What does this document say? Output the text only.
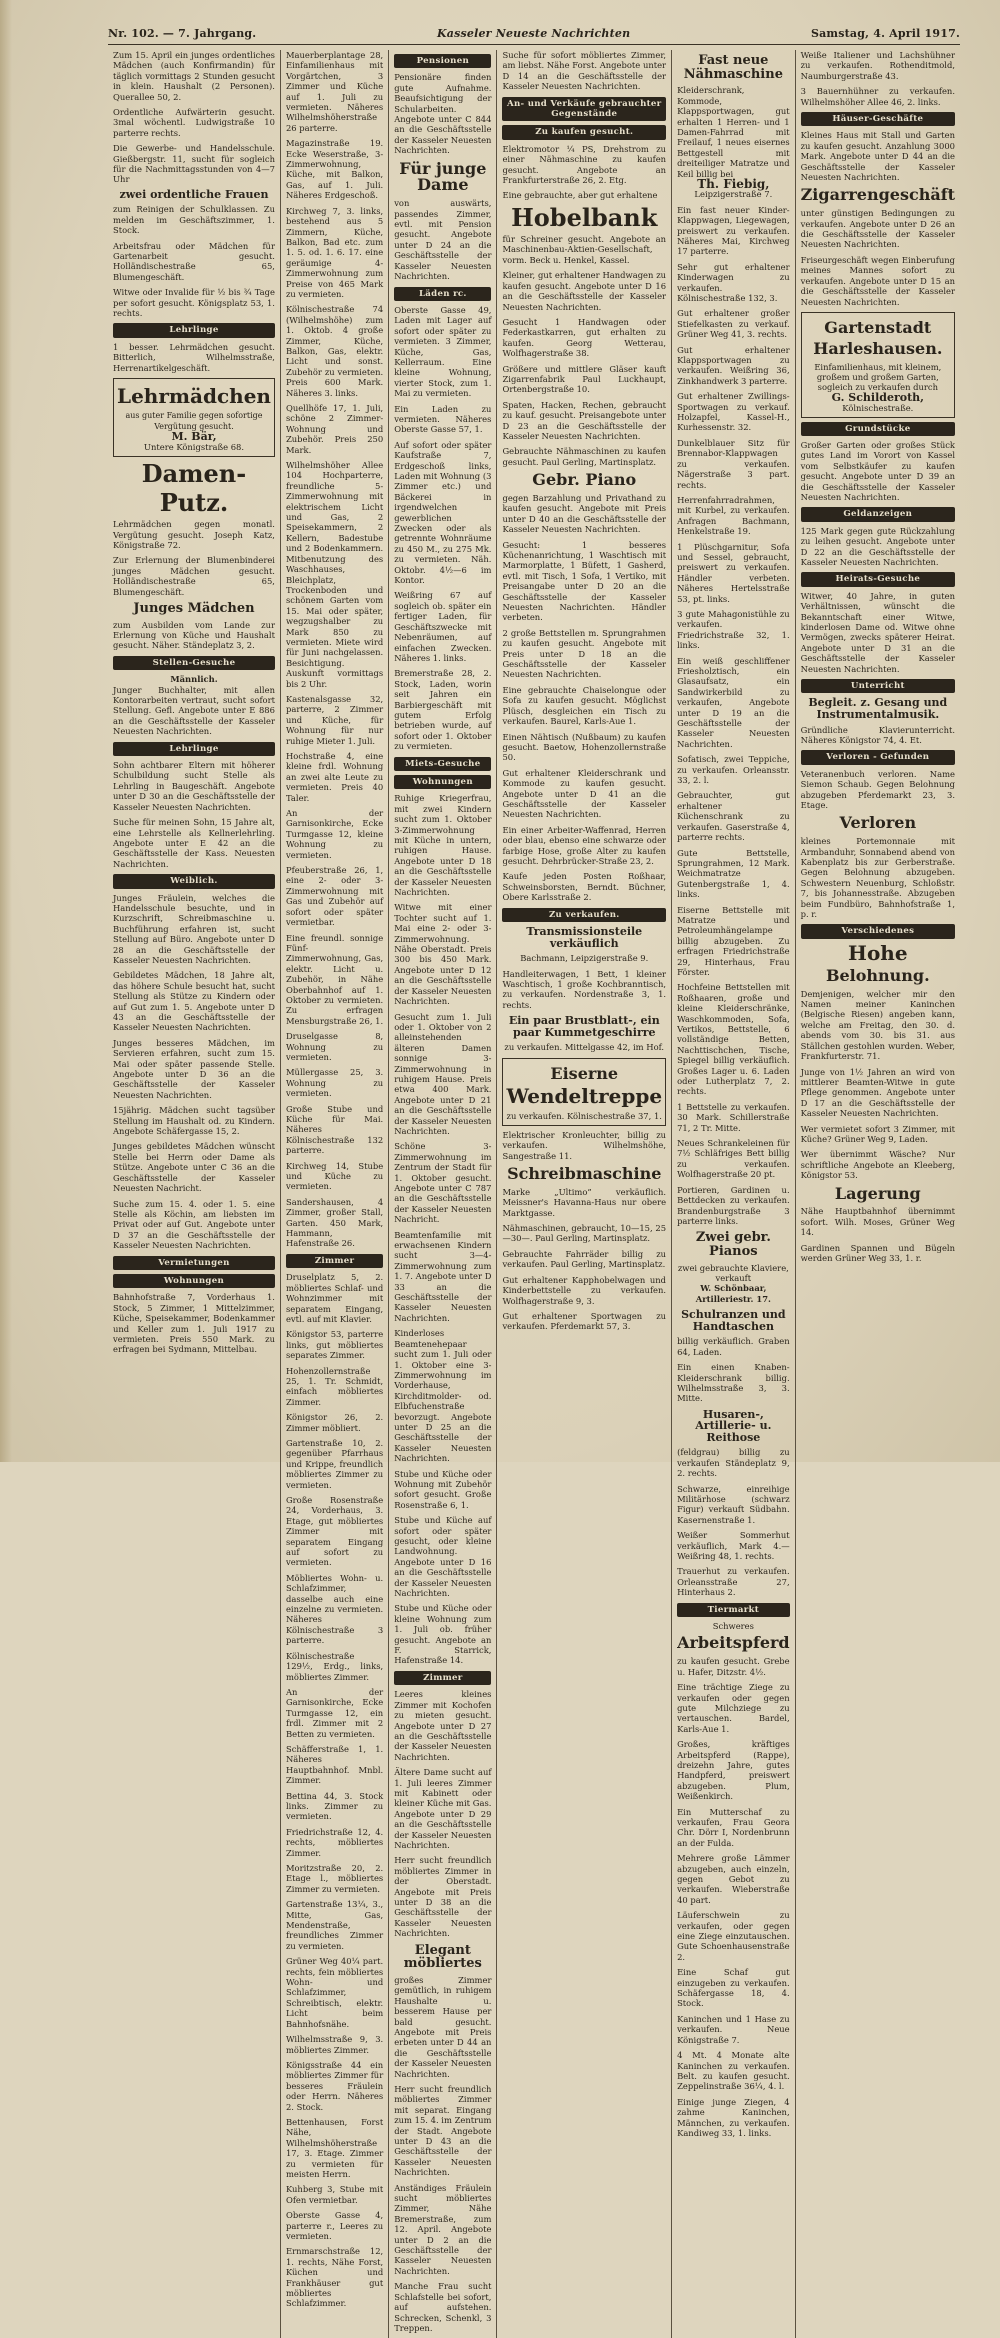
Nr. 102. — 7. Jahrgang.	Kasseler Neueste Nachrichten	Samstag, 4. April 1917.

Zum 15. April ein junges ordentliches Mädchen (auch Konfirmandin) für täglich vormittags 2 Stunden gesucht in klein. Haushalt (2 Personen). Querallee 50, 2.

Ordentliche Aufwärterin gesucht. 3mal wöchentl. Ludwigstraße 10 parterre rechts.

Die Gewerbe- und Handelsschule. Gießbergstr. 11, sucht für sogleich für die Nachmittagsstunden von 4—7 Uhr

zwei ordentliche Frauen

zum Reinigen der Schulklassen. Zu melden im Geschäftszimmer, 1. Stock.

Arbeitsfrau oder Mädchen für Gartenarbeit gesucht. Holländischestraße 65, Blumengeschäft.

Witwe oder Invalide für ½ bis ¾ Tage per sofort gesucht. Königsplatz 53, 1. rechts.

Lehrlinge

1 besser. Lehrmädchen gesucht. Bitterlich, Wilhelmsstraße, Herrenartikelgeschäft.

Lehrmädchen

aus guter Familie gegen sofortige Vergütung gesucht.

M. Bär,

Untere Königstraße 68.

Damen-
Putz.

Lehrmädchen gegen monatl. Vergütung gesucht. Joseph Katz, Königstraße 72.

Zur Erlernung der Blumenbinderei junges Mädchen gesucht. Holländischestraße 65, Blumengeschäft.

Junges Mädchen

zum Ausbilden vom Lande zur Erlernung von Küche und Haushalt gesucht. Näher. Ständeplatz 3, 2.

Stellen-Gesuche
Männlich.

Junger Buchhalter, mit allen Kontorarbeiten vertraut, sucht sofort Stellung. Gefl. Angebote unter E 886 an die Geschäftsstelle der Kasseler Neuesten Nachrichten.

Lehrlinge

Sohn achtbarer Eltern mit höherer Schulbildung sucht Stelle als Lehrling in Baugeschäft. Angebote unter D 30 an die Geschäftsstelle der Kasseler Neuesten Nachrichten.

Suche für meinen Sohn, 15 Jahre alt, eine Lehrstelle als Kellnerlehrling. Angebote unter E 42 an die Geschäftsstelle der Kass. Neuesten Nachrichten.

Weiblich.

Junges Fräulein, welches die Handelsschule besuchte, und in Kurzschrift, Schreibmaschine u. Buchführung erfahren ist, sucht Stellung auf Büro. Angebote unter D 28 an die Geschäftsstelle der Kasseler Neuesten Nachrichten.

Gebildetes Mädchen, 18 Jahre alt, das höhere Schule besucht hat, sucht Stellung als Stütze zu Kindern oder auf Gut zum 1. 5. Angebote unter D 43 an die Geschäftsstelle der Kasseler Neuesten Nachrichten.

Junges besseres Mädchen, im Servieren erfahren, sucht zum 15. Mai oder später passende Stelle. Angebote unter D 36 an die Geschäftsstelle der Kasseler Neuesten Nachrichten.

15jährig. Mädchen sucht tagsüber Stellung im Haushalt od. zu Kindern. Angebote Schäfergasse 15, 2.

Junges gebildetes Mädchen wünscht Stelle bei Herrn oder Dame als Stütze. Angebote unter C 36 an die Geschäftsstelle der Kasseler Neuesten Nachricht.

Suche zum 15. 4. oder 1. 5. eine Stelle als Köchin, am liebsten im Privat oder auf Gut. Angebote unter D 37 an die Geschäftsstelle der Kasseler Neuesten Nachrichten.

Vermietungen
Wohnungen

Bahnhofstraße 7, Vorderhaus 1. Stock, 5 Zimmer, 1 Mittelzimmer, Küche, Speisekammer, Bodenkammer und Keller zum 1. Juli 1917 zu vermieten. Preis 550 Mark. zu erfragen bei Sydmann, Mittelbau.

Mauerberplantage 28, Einfamilienhaus mit Vorgärtchen, 3 Zimmer und Küche auf 1. Juli zu vermieten. Näheres Wilhelmshöherstraße 26 parterre.

Magazinstraße 19. Ecke Weserstraße, 3-Zimmerwohnung, Küche, mit Balkon, Gas, auf 1. Juli. Näheres Erdgeschoß.

Kirchweg 7, 3. links, bestehend aus 5 Zimmern, Küche, Balkon, Bad etc. zum 1. 5. od. 1. 6. 17. eine geräumige 4-Zimmerwohnung zum Preise von 465 Mark zu vermieten.

Kölnischestraße 74 (Wilhelmshöhe) zum 1. Oktob. 4 große Zimmer, Küche, Balkon, Gas, elektr. Licht und sonst. Zubehör zu vermieten. Preis 600 Mark. Näheres 3. links.

Quellhöfe 17, 1. Juli, schöne 2 Zimmer-Wohnung und Zubehör. Preis 250 Mark.

Wilhelmshöher Allee 104 Hochparterre, freundliche 5-Zimmerwohnung mit elektrischem Licht und Gas, 2 Speisekammern, 2 Kellern, Badestube und 2 Bodenkammern. Mitbenutzung des Waschhauses, Bleichplatz, Trockenboden und schönem Garten vom 15. Mai oder später, wegzugshalber zu Mark 850 zu vermieten. Miete wird für Juni nachgelassen. Besichtigung. Auskunft vormittags bis 2 Uhr.

Kastenalsgasse 32, parterre, 2 Zimmer und Küche, für Wohnung für nur ruhige Mieter 1. Juli.

Hochstraße 4, eine kleine frdl. Wohnung an zwei alte Leute zu vermieten. Preis 40 Taler.

An der Garnisonkirche, Ecke Turmgasse 12, kleine Wohnung zu vermieten.

Pfeuberstraße 26, 1, eine 2- oder 3-Zimmerwohnung mit Gas und Zubehör auf sofort oder später vermietbar.

Eine freundl. sonnige Fünf-Zimmerwohnung, Gas, elektr. Licht u. Zubehör, in Nähe Oberbahnhof auf 1. Oktober zu vermieten. Zu erfragen Mensburgstraße 26, 1.

Druselgasse 8, Wohnung zu vermieten.

Müllergasse 25, 3. Wohnung zu vermieten.

Große Stube und Küche für Mai. Näheres Kölnischestraße 132 parterre.

Kirchweg 14, Stube und Küche zu vermieten.

Sandershausen, 4 Zimmer, großer Stall, Garten. 450 Mark, Hammann, Hafenstraße 26.

Zimmer

Druselplatz 5, 2. möbliertes Schlaf- und Wohnzimmer mit separatem Eingang, evtl. auf mit Klavier.

Königstor 53, parterre links, gut möbliertes separates Zimmer.

Hohenzollernstraße 25, 1. Tr. Schmidt, einfach möbliertes Zimmer.

Königstor 26, 2. Zimmer möbliert.

Gartenstraße 10, 2. gegenüber Pfarrhaus und Krippe, freundlich möbliertes Zimmer zu vermieten.

Große Rosenstraße 24, Vorderhaus, 3. Etage, gut möbliertes Zimmer mit separatem Eingang auf sofort zu vermieten.

Möbliertes Wohn- u. Schlafzimmer, dasselbe auch eine einzelne zu vermieten. Näheres Kölnischestraße 3 parterre.

Kölnischestraße 129½, Erdg., links, möbliertes Zimmer.

An der Garnisonkirche, Ecke Turmgasse 12, ein frdl. Zimmer mit 2 Betten zu vermieten.

Schäfferstraße 1, 1. Näheres Hauptbahnhof. Mnbl. Zimmer.

Bettina 44, 3. Stock links. Zimmer zu vermieten.

Friedrichstraße 12, 4. rechts, möbliertes Zimmer.

Moritzstraße 20, 2. Etage l., möbliertes Zimmer zu vermieten.

Gartenstraße 13¼, 3., Mitte, Gas, Mendenstraße, freundliches Zimmer zu vermieten.

Grüner Weg 40¼ part. rechts, fein möbliertes Wohn- und Schlafzimmer, Schreibtisch, elektr. Licht beim Bahnhofsnähe.

Wilhelmsstraße 9, 3. möbliertes Zimmer.

Königsstraße 44 ein möbliertes Zimmer für besseres Fräulein oder Herrn. Näheres 2. Stock.

Bettenhausen, Forst Nähe, Wilhelmshöherstraße 17, 3. Etage. Zimmer zu vermieten für meisten Herrn.

Kuhberg 3, Stube mit Ofen vermietbar.

Oberste Gasse 4, parterre r., Leeres zu vermieten.

Ernmarschstraße 12, 1. rechts, Nähe Forst, Küchen und Frankhäuser gut möbliertes Schlafzimmer.

Pensionen

Pensionäre finden gute Aufnahme. Beaufsichtigung der Schularbeiten. Angebote unter C 844 an die Geschäftsstelle der Kasseler Neuesten Nachrichten.

Für junge Dame

von auswärts, passendes Zimmer, evtl. mit Pension gesucht. Angebote unter D 24 an die Geschäftsstelle der Kasseler Neuesten Nachrichten.

Läden rc.

Oberste Gasse 49, Laden mit Lager auf sofort oder später zu vermieten. 3 Zimmer, Küche, Gas, Kellerraum. Eine kleine Wohnung, vierter Stock, zum 1. Mai zu vermieten.

Ein Laden zu vermieten. Näheres Oberste Gasse 57, 1.

Auf sofort oder später Kaufstraße 7, Erdgeschoß links, Laden mit Wohnung (3 Zimmer etc.) und Bäckerei in irgendwelchen gewerblichen Zwecken oder als getrennte Wohnräume zu 450 M., zu 275 Mk. zu vermieten. Näh. Oktobr. 4½—6 im Kontor.

Weißring 67 auf sogleich ob. später ein fertiger Laden, für Geschäftszwecke mit Nebenräumen, auf einfachen Zwecken. Näheres 1. links.

Bremerstraße 28, 2. Stock, Laden, worin seit Jahren ein Barbiergeschäft mit gutem Erfolg betrieben wurde, auf sofort oder 1. Oktober zu vermieten.

Miets-Gesuche
Wohnungen

Ruhige Kriegerfrau, mit zwei Kindern sucht zum 1. Oktober 3-Zimmerwohnung mit Küche in untern, ruhigen Hause. Angebote unter D 18 an die Geschäftsstelle der Kasseler Neuesten Nachrichten.

Witwe mit einer Tochter sucht auf 1. Mai eine 2- oder 3-Zimmerwohnung. Nähe Oberstadt. Preis 300 bis 450 Mark. Angebote unter D 12 an die Geschäftsstelle der Kasseler Neuesten Nachrichten.

Gesucht zum 1. Juli oder 1. Oktober von 2 alleinstehenden älteren Damen sonnige 3-Zimmerwohnung in ruhigem Hause. Preis etwa 400 Mark. Angebote unter D 21 an die Geschäftsstelle der Kasseler Neuesten Nachrichten.

Schöne 3-Zimmerwohnung im Zentrum der Stadt für 1. Oktober gesucht. Angebote unter C 787 an die Geschäftsstelle der Kasseler Neuesten Nachricht.

Beamtenfamilie mit erwachsenen Kindern sucht 3—4-Zimmerwohnung zum 1. 7. Angebote unter D 33 an die Geschäftsstelle der Kasseler Neuesten Nachrichten.

Kinderloses Beamtenehepaar sucht zum 1. Juli oder 1. Oktober eine 3-Zimmerwohnung im Vorderhause, Kirchditmolder- od. Elbfuchenstraße bevorzugt. Angebote unter D 25 an die Geschäftsstelle der Kasseler Neuesten Nachrichten.

Stube und Küche oder Wohnung mit Zubehör sofort gesucht. Große Rosenstraße 6, 1.

Stube und Küche auf sofort oder später gesucht, oder kleine Landwohnung. Angebote unter D 16 an die Geschäftsstelle der Kasseler Neuesten Nachrichten.

Stube und Küche oder kleine Wohnung zum 1. Juli ob. früher gesucht. Angebote an F. Starrick, Hafenstraße 14.

Zimmer

Leeres kleines Zimmer mit Kochofen zu mieten gesucht. Angebote unter D 27 an die Geschäftsstelle der Kasseler Neuesten Nachrichten.

Ältere Dame sucht auf 1. Juli leeres Zimmer mit Kabinett oder kleiner Küche mit Gas. Angebote unter D 29 an die Geschäftsstelle der Kasseler Neuesten Nachrichten.

Herr sucht freundlich möbliertes Zimmer in der Oberstadt. Angebote mit Preis unter D 38 an die Geschäftsstelle der Kasseler Neuesten Nachrichten.

Elegant möbliertes

großes Zimmer gemütlich, in ruhigem Haushalte u. besserem Hause per bald gesucht. Angebote mit Preis erbeten unter D 44 an die Geschäftsstelle der Kasseler Neuesten Nachrichten.

Herr sucht freundlich möbliertes Zimmer mit separat. Eingang zum 15. 4. im Zentrum der Stadt. Angebote unter D 43 an die Geschäftsstelle der Kasseler Neuesten Nachrichten.

Anständiges Fräulein sucht möbliertes Zimmer, Nähe Bremerstraße, zum 12. April. Angebote unter D 2 an die Geschäftsstelle der Kasseler Neuesten Nachrichten.

Manche Frau sucht Schlafstelle bei sofort, auf aufstehen. Schrecken, Schenkl, 3 Treppen.

Suche für sofort möbliertes Zimmer, am liebst. Nähe Forst. Angebote unter D 14 an die Geschäftsstelle der Kasseler Neuesten Nachrichten.

An- und Verkäufe gebrauchter Gegenstände
Zu kaufen gesucht.

Elektromotor ¼ PS, Drehstrom zu einer Nähmaschine zu kaufen gesucht. Angebote an Frankfurterstraße 26, 2. Etg.

Eine gebrauchte, aber gut erhaltene

Hobelbank

für Schreiner gesucht. Angebote an Maschinenbau-Aktien-Gesellschaft, vorm. Beck u. Henkel, Kassel.

Kleiner, gut erhaltener Handwagen zu kaufen gesucht. Angebote unter D 16 an die Geschäftsstelle der Kasseler Neuesten Nachrichten.

Gesucht 1 Handwagen oder Federkastkarren, gut erhalten zu kaufen. Georg Wetterau, Wolfhagerstraße 38.

Größere und mittlere Gläser kauft Zigarrenfabrik Paul Luckhaupt, Ortenbergstraße 10.

Spaten, Hacken, Rechen, gebraucht zu kauf. gesucht. Preisangebote unter D 23 an die Geschäftsstelle der Kasseler Neuesten Nachrichten.

Gebrauchte Nähmaschinen zu kaufen gesucht. Paul Gerling, Martinsplatz.

Gebr. Piano

gegen Barzahlung und Privathand zu kaufen gesucht. Angebote mit Preis unter D 40 an die Geschäftsstelle der Kasseler Neuesten Nachrichten.

Gesucht: 1 besseres Küchenanrichtung, 1 Waschtisch mit Marmorplatte, 1 Büfett, 1 Gasherd, evtl. mit Tisch, 1 Sofa, 1 Vertiko, mit Preisangabe unter D 20 an die Geschäftsstelle der Kasseler Neuesten Nachrichten. Händler verbeten.

2 große Bettstellen m. Sprungrahmen zu kaufen gesucht. Angebote mit Preis unter D 18 an die Geschäftsstelle der Kasseler Neuesten Nachrichten.

Eine gebrauchte Chaiselongue oder Sofa zu kaufen gesucht. Möglichst Plüsch, desgleichen ein Tisch zu verkaufen. Baurel, Karls-Aue 1.

Einen Nähtisch (Nußbaum) zu kaufen gesucht. Baetow, Hohenzollernstraße 50.

Gut erhaltener Kleiderschrank und Kommode zu kaufen gesucht. Angebote unter D 41 an die Geschäftsstelle der Kasseler Neuesten Nachrichten.

Ein einer Arbeiter-Waffenrad, Herren oder blau, ebenso eine schwarze oder farbige Hose, große Alter zu kaufen gesucht. Dehrbrücker-Straße 23, 2.

Kaufe jeden Posten Roßhaar, Schweinsborsten, Berndt. Büchner, Obere Karlsstraße 2.

Zu verkaufen.
Transmissionsteile verkäuflich

Bachmann, Leipzigerstraße 9.

Handleiterwagen, 1 Bett, 1 kleiner Waschtisch, 1 große Kochbranntisch, zu verkaufen. Nordenstraße 3, 1. rechts.

Ein paar Brustblatt-, ein paar Kummetgeschirre

zu verkaufen. Mittelgasse 42, im Hof.

Eiserne
Wendeltreppe

zu verkaufen. Kölnischestraße 37, 1.

Elektrischer Kronleuchter, billig zu verkaufen. Wilhelmshöhe, Sangestraße 11.

Schreibmaschine

Marke „Ultimo” verkäuflich. Meissner's Havanna-Haus nur obere Marktgasse.

Nähmaschinen, gebraucht, 10—15, 25—30—. Paul Gerling, Martinsplatz.

Gebrauchte Fahrräder billig zu verkaufen. Paul Gerling, Martinsplatz.

Gut erhaltener Kapphobelwagen und Kinderbettstelle zu verkaufen. Wolfhagerstraße 9, 3.

Gut erhaltener Sportwagen zu verkaufen. Pferdemarkt 57, 3.

Fast neue Nähmaschine

Kleiderschrank, Kommode, Klappsportwagen, gut erhalten 1 Herren- und 1 Damen-Fahrrad mit Freilauf, 1 neues eisernes Bettgestell mit dreiteiliger Matratze und Keil billig bei

Th. Fiebig,

Leipzigerstraße 7.

Ein fast neuer Kinder-Klappwagen, Liegewagen, preiswert zu verkaufen. Näheres Mai, Kirchweg 17 parterre.

Sehr gut erhaltener Kinderwagen zu verkaufen. Kölnischestraße 132, 3.

Gut erhaltener großer Stiefelkasten zu verkauf. Grüner Weg 41, 3. rechts.

Gut erhaltener Klappsportwagen zu verkaufen. Weißring 36, Zinkhandwerk 3 parterre.

Gut erhaltener Zwillings-Sportwagen zu verkauf. Holzapfel, Kassel-H., Kurhessenstr. 32.

Dunkelblauer Sitz für Brennabor-Klappwagen zu verkaufen. Nägerstraße 3 part. rechts.

Herrenfahrradrahmen, mit Kurbel, zu verkaufen. Anfragen Bachmann, Henkelstraße 19.

1 Plüschgarnitur, Sofa und Sessel, gebraucht, preiswert zu verkaufen. Händler verbeten. Näheres Hertelsstraße 53, pt. links.

3 gute Mahagonistühle zu verkaufen. Friedrichstraße 32, 1. links.

Ein weiß geschliffener Friesholztisch, ein Glasaufsatz, ein Sandwirkerbild zu verkaufen, Angebote unter D 19 an die Geschäftsstelle der Kasseler Neuesten Nachrichten.

Sofatisch, zwei Teppiche, zu verkaufen. Orleansstr. 33, 2. l.

Gebrauchter, gut erhaltener Küchenschrank zu verkaufen. Gaserstraße 4, parterre rechts.

Gute Bettstelle, Sprungrahmen, 12 Mark. Weichmatratze Gutenbergstraße 1, 4. links.

Eiserne Bettstelle mit Matratze und Petroleumhängelampe billig abzugeben. Zu erfragen Friedrichstraße 29, Hinterhaus, Frau Förster.

Hochfeine Bettstellen mit Roßhaaren, große und kleine Kleiderschränke, Waschkommoden, Sofa, Vertikos, Bettstelle, 6 vollständige Betten, Nachttischchen, Tische, Spiegel billig verkäuflich. Großes Lager u. 6. Laden oder Lutherplatz 7, 2. rechts.

1 Bettstelle zu verkaufen. 30 Mark. Schillerstraße 71, 2 Tr. Mitte.

Neues Schrankeleinen für 7½ Schläfriges Bett billig zu verkaufen. Wolfhagerstraße 20 pt.

Portieren, Gardinen u. Bettdecken zu verkaufen. Brandenburgstraße 3 parterre links.

Zwei gebr. Pianos

zwei gebrauchte Klaviere, verkauft

W. Schönbaar, Artilleriestr. 17.

Schulranzen und Handtaschen

billig verkäuflich. Graben 64, Laden.

Ein einen Knaben-Kleiderschrank billig. Wilhelmsstraße 3, 3. Mitte.

Husaren-, Artillerie- u. Reithose

(feldgrau) billig zu verkaufen Ständeplatz 9, 2. rechts.

Schwarze, einreihige Militärhose (schwarz Figur) verkauft Südbahn. Kasernenstraße 1.

Weißer Sommerhut verkäuflich, Mark 4.— Weißring 48, 1. rechts.

Trauerhut zu verkaufen. Orleansstraße 27, Hinterhaus 2.

Tiermarkt

Schweres

Arbeitspferd

zu kaufen gesucht. Grebe u. Hafer, Ditzstr. 4½.

Eine trächtige Ziege zu verkaufen oder gegen gute Milchziege zu vertauschen. Bardel, Karls-Aue 1.

Großes, kräftiges Arbeitspferd (Rappe), dreizehn Jahre, gutes Handpferd, preiswert abzugeben. Plum, Weißenkirch.

Ein Mutterschaf zu verkaufen, Frau Geora Chr. Dörr I, Nordenbrunn an der Fulda.

Mehrere große Lämmer abzugeben, auch einzeln, gegen Gebot zu verkaufen. Wieberstraße 40 part.

Läuferschwein zu verkaufen, oder gegen eine Ziege einzutauschen. Gute Schoenhausenstraße 2.

Eine Schaf gut einzugeben zu verkaufen. Schäfergasse 18, 4. Stock.

Kaninchen und 1 Hase zu verkaufen. Neue Königstraße 7.

4 Mt. 4 Monate alte Kaninchen zu verkaufen. Belt. zu kaufen gesucht. Zeppelinstraße 36¼, 4. l.

Einige junge Ziegen, 4 zahme Kaninchen, Männchen, zu verkaufen. Kandiweg 33, 1. links.

Weiße Italiener und Lachshühner zu verkaufen. Rothenditmold, Naumburgerstraße 43.

3 Bauernhühner zu verkaufen. Wilhelmshöher Allee 46, 2. links.

Häuser-Geschäfte

Kleines Haus mit Stall und Garten zu kaufen gesucht. Anzahlung 3000 Mark. Angebote unter D 44 an die Geschäftsstelle der Kasseler Neuesten Nachrichten.

Zigarrengeschäft

unter günstigen Bedingungen zu verkaufen. Angebote unter D 26 an die Geschäftsstelle der Kasseler Neuesten Nachrichten.

Friseurgeschäft wegen Einberufung meines Mannes sofort zu verkaufen. Angebote unter D 15 an die Geschäftsstelle der Kasseler Neuesten Nachrichten.

Gartenstadt
Harleshausen.

Einfamilienhaus, mit kleinem, großem und großem Garten, sogleich zu verkaufen durch

G. Schilderoth,

Kölnischestraße.

Grundstücke

Großer Garten oder großes Stück gutes Land im Vorort von Kassel vom Selbstkäufer zu kaufen gesucht. Angebote unter D 39 an die Geschäftsstelle der Kasseler Neuesten Nachrichten.

Geldanzeigen

125 Mark gegen gute Rückzahlung zu leihen gesucht. Angebote unter D 22 an die Geschäftsstelle der Kasseler Neuesten Nachrichten.

Heirats-Gesuche

Witwer, 40 Jahre, in guten Verhältnissen, wünscht die Bekanntschaft einer Witwe, kinderlosen Dame od. Witwe ohne Vermögen, zwecks späterer Heirat. Angebote unter D 31 an die Geschäftsstelle der Kasseler Neuesten Nachrichten.

Unterricht
Begleit. z. Gesang und Instrumentalmusik.

Gründliche Klavierunterricht. Näheres Königstor 74, 4. Et.

Verloren - Gefunden

Veteranenbuch verloren. Name Siemon Schaub. Gegen Belohnung abzugeben Pferdemarkt 23, 3. Etage.

Verloren

kleines Portemonnaie mit Armbanduhr, Sonnabend abend von Kabenplatz bis zur Gerberstraße. Gegen Belohnung abzugeben. Schwestern Neuenburg, Schloßstr. 7, bis Johannesstraße. Abzugeben beim Fundbüro, Bahnhofstraße 1, p. r.

Verschiedenes
Hohe
Belohnung.

Demjenigen, welcher mir den Namen meiner Kaninchen (Belgische Riesen) angeben kann, welche am Freitag, den 30. d. abends vom 30. bis 31. aus Ställchen gestohlen wurden. Weber, Frankfurterstr. 71.

Junge von 1½ Jahren an wird von mittlerer Beamten-Witwe in gute Pflege genommen. Angebote unter D 17 an die Geschäftsstelle der Kasseler Neuesten Nachrichten.

Wer vermietet sofort 3 Zimmer, mit Küche? Grüner Weg 9, Laden.

Wer übernimmt Wäsche? Nur schriftliche Angebote an Kleeberg, Königstor 53.

Lagerung

Nähe Hauptbahnhof übernimmt sofort. Wilh. Moses, Grüner Weg 14.

Gardinen Spannen und Bügeln werden Grüner Weg 33, 1. r.
